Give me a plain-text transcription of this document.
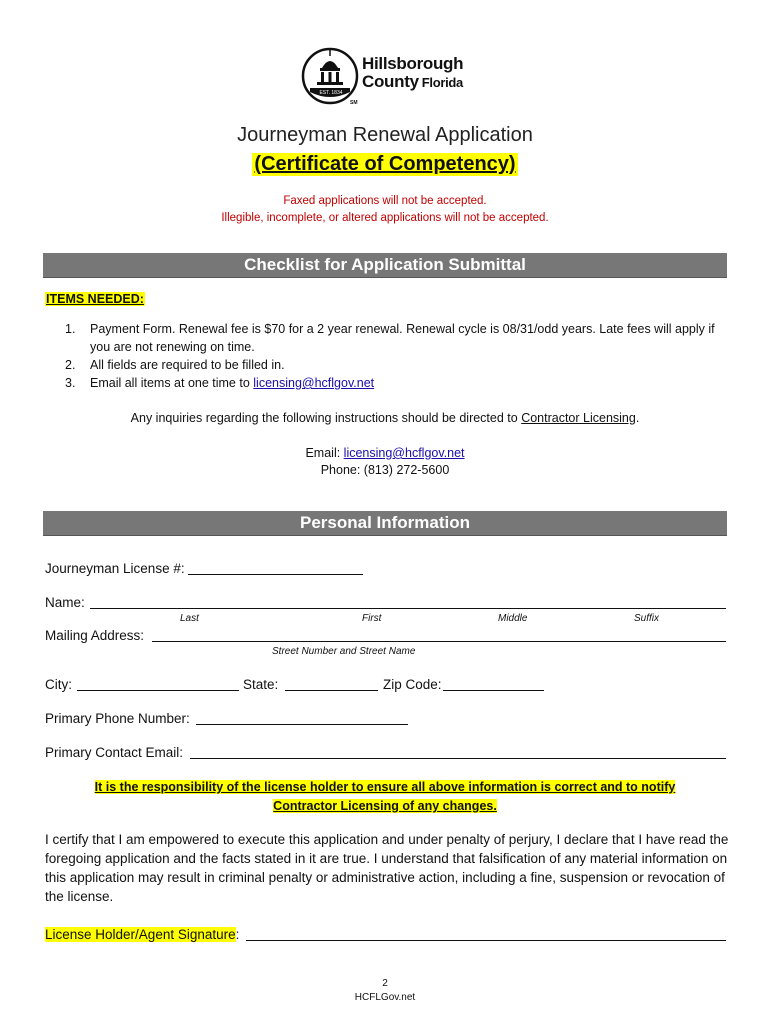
EST. 1834
SM
Hillsborough
County Florida
Journeyman Renewal Application
(Certificate of Competency)
Faxed applications will not be accepted.
Illegible, incomplete, or altered applications will not be accepted.
Checklist for Application Submittal
ITEMS NEEDED:
1.	Payment Form. Renewal fee is $70 for a 2 year renewal. Renewal cycle is 08/31/odd years. Late fees will apply if you are not renewing on time.
2.	All fields are required to be filled in.
3.	Email all items at one time to licensing@hcflgov.net
Any inquiries regarding the following instructions should be directed to Contractor Licensing.
Email: licensing@hcflgov.net
Phone: (813) 272-5600
Personal Information
Journeyman License #:
Name:
Last	First	Middle	Suffix
Mailing Address:
Street Number and Street Name
City:	State:	Zip Code:
Primary Phone Number:
Primary Contact Email:
It is the responsibility of the license holder to ensure all above information is correct and to notify
Contractor Licensing of any changes.
I certify that I am empowered to execute this application and under penalty of perjury, I declare that I have read the foregoing application and the facts stated in it are true. I understand that falsification of any material information on this application may result in criminal penalty or administrative action, including a fine, suspension or revocation of the license.
License Holder/Agent Signature:
2
HCFLGov.net
